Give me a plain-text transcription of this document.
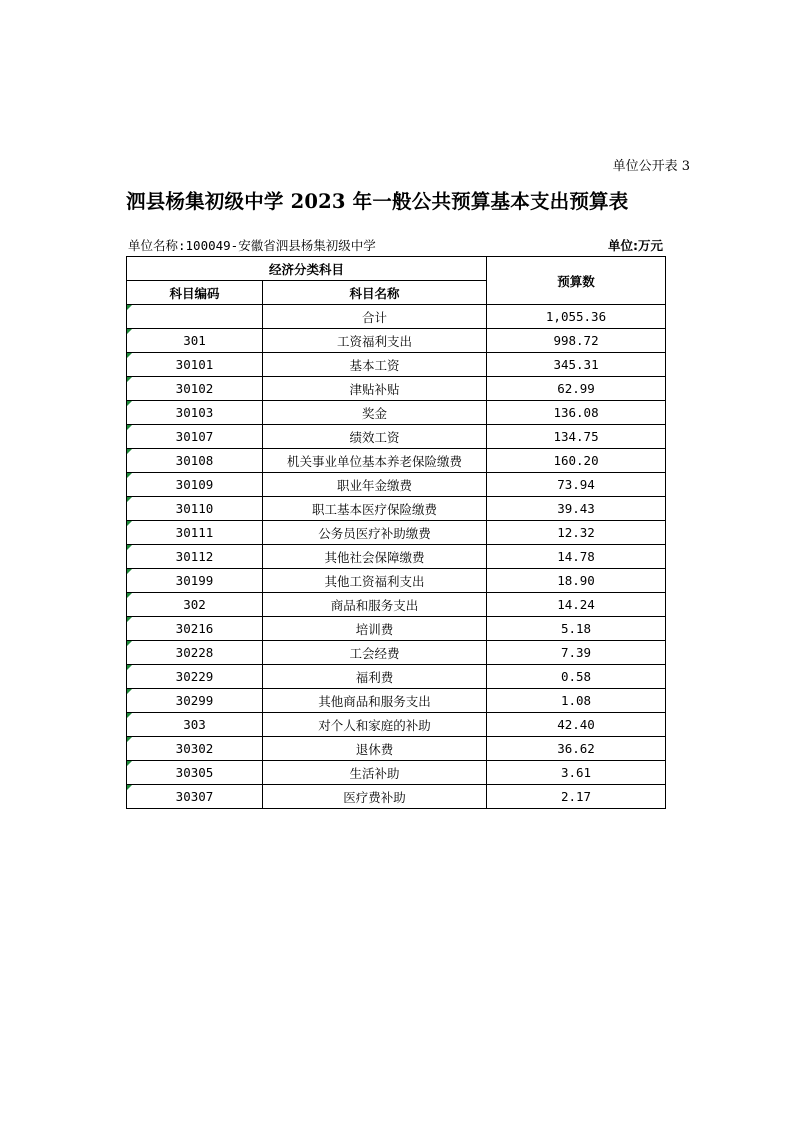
单位公开表 3
泗县杨集初级中学 2023 年一般公共预算基本支出预算表
单位名称:100049-安徽省泗县杨集初级中学	单位:万元
经济分类科目		预算数
科目编码	科目名称	

	合计	1,055.36

301	工资福利支出	998.72

30101	基本工资	345.31

30102	津贴补贴	62.99

30103	奖金	136.08

30107	绩效工资	134.75

30108	机关事业单位基本养老保险缴费	160.20

30109	职业年金缴费	73.94

30110	职工基本医疗保险缴费	39.43

30111	公务员医疗补助缴费	12.32

30112	其他社会保障缴费	14.78

30199	其他工资福利支出	18.90

302	商品和服务支出	14.24

30216	培训费	5.18

30228	工会经费	7.39

30229	福利费	0.58

30299	其他商品和服务支出	1.08

303	对个人和家庭的补助	42.40

30302	退休费	36.62

30305	生活补助	3.61

30307	医疗费补助	2.17
